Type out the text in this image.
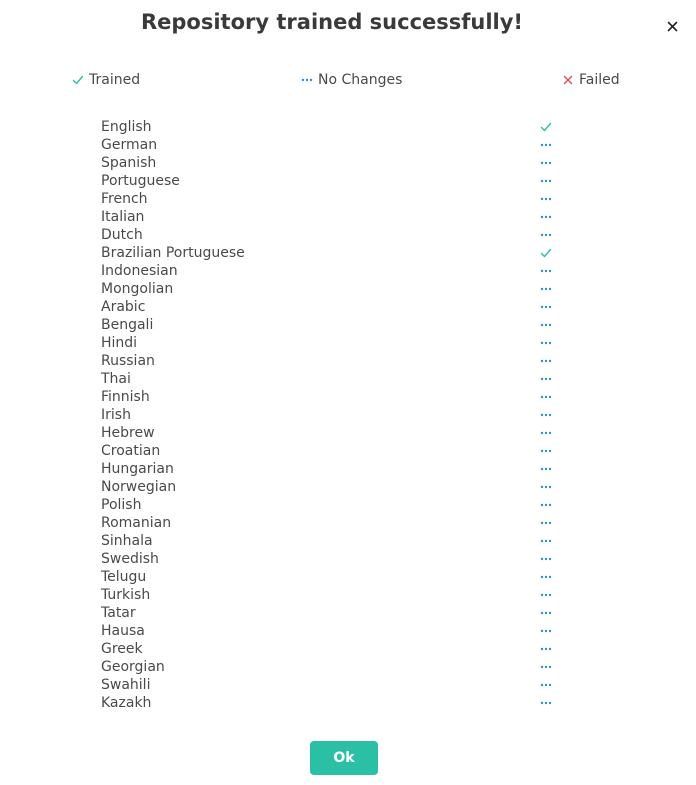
Repository trained successfully!
Trained	No Changes	Failed
English
German
Spanish
Portuguese
French
Italian
Dutch
Brazilian Portuguese
Indonesian
Mongolian
Arabic
Bengali
Hindi
Russian
Thai
Finnish
Irish
Hebrew
Croatian
Hungarian
Norwegian
Polish
Romanian
Sinhala
Swedish
Telugu
Turkish
Tatar
Hausa
Greek
Georgian
Swahili
Kazakh
Ok
